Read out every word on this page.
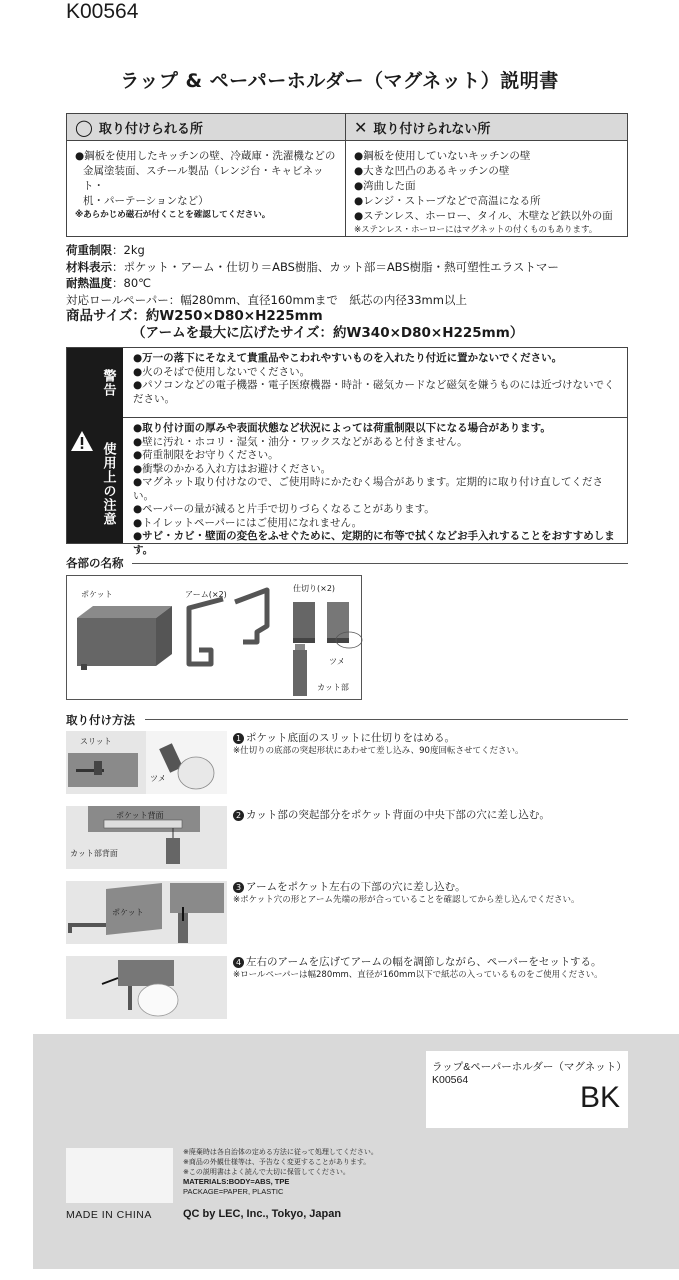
K00564
ラップ & ペーパーホルダー（マグネット）説明書
◯ 取り付けられる所
●鋼板を使用したキッチンの壁、冷蔵庫・洗濯機などの
金属塗装面、スチール製品（レンジ台・キャビネット・
机・パーテーションなど）
※あらかじめ磁石が付くことを確認してください。
✕ 取り付けられない所
●鋼板を使用していないキッチンの壁
●大きな凹凸のあるキッチンの壁
●湾曲した面
●レンジ・ストーブなどで高温になる所
●ステンレス、ホーロー、タイル、木壁など鉄以外の面
※ステンレス・ホーローにはマグネットの付くものもあります。
荷重制限：2kg
材料表示：ポケット・アーム・仕切り＝ABS樹脂、カット部＝ABS樹脂・熱可塑性エラストマー
耐熱温度：80℃
対応ロールペーパー：幅280mm、直径160mmまで　紙芯の内径33mm以上
商品サイズ：約W250×D80×H225mm
（アームを最大に広げたサイズ：約W340×D80×H225mm）
警告
使用上の注意
●万一の落下にそなえて貴重品やこわれやすいものを入れたり付近に置かないでください。
●火のそばで使用しないでください。
●パソコンなどの電子機器・電子医療機器・時計・磁気カードなど磁気を嫌うものには近づけないでください。
●取り付け面の厚みや表面状態など状況によっては荷重制限以下になる場合があります。
●壁に汚れ・ホコリ・湿気・油分・ワックスなどがあると付きません。
●荷重制限をお守りください。
●衝撃のかかる入れ方はお避けください。
●マグネット取り付けなので、ご使用時にかたむく場合があります。定期的に取り付け直してください。
●ペーパーの量が減ると片手で切りづらくなることがあります。
●トイレットペーパーにはご使用になれません。
●サビ・カビ・壁面の変色をふせぐために、定期的に布等で拭くなどお手入れすることをおすすめします。
各部の名称
ポケット	アーム(×2)
仕切り(×2)
ツメ
カット部
取り付け方法
スリット
ツメ
1 ポケット底面のスリットに仕切りをはめる。
※仕切りの底部の突起形状にあわせて差し込み、90度回転させてください。
ポケット背面
カット部背面
2 カット部の突起部分をポケット背面の中央下部の穴に差し込む。
ポケット
3 アームをポケット左右の下部の穴に差し込む。
※ポケット穴の形とアーム先端の形が合っていることを確認してから差し込んでください。
4 左右のアームを広げてアームの幅を調節しながら、ペーパーをセットする。
※ロールペーパーは幅280mm、直径が160mm以下で紙芯の入っているものをご使用ください。
ラップ&ペーパーホルダー（マグネット）　K00564
BK
※廃棄時は各自治体の定める方法に従って処理してください。
※商品の外観仕様等は、予告なく変更することがあります。
※この説明書はよく読んで大切に保管してください。
MATERIALS:BODY=ABS, TPE
PACKAGE=PAPER, PLASTIC
MADE IN CHINA	QC by LEC, Inc., Tokyo, Japan
